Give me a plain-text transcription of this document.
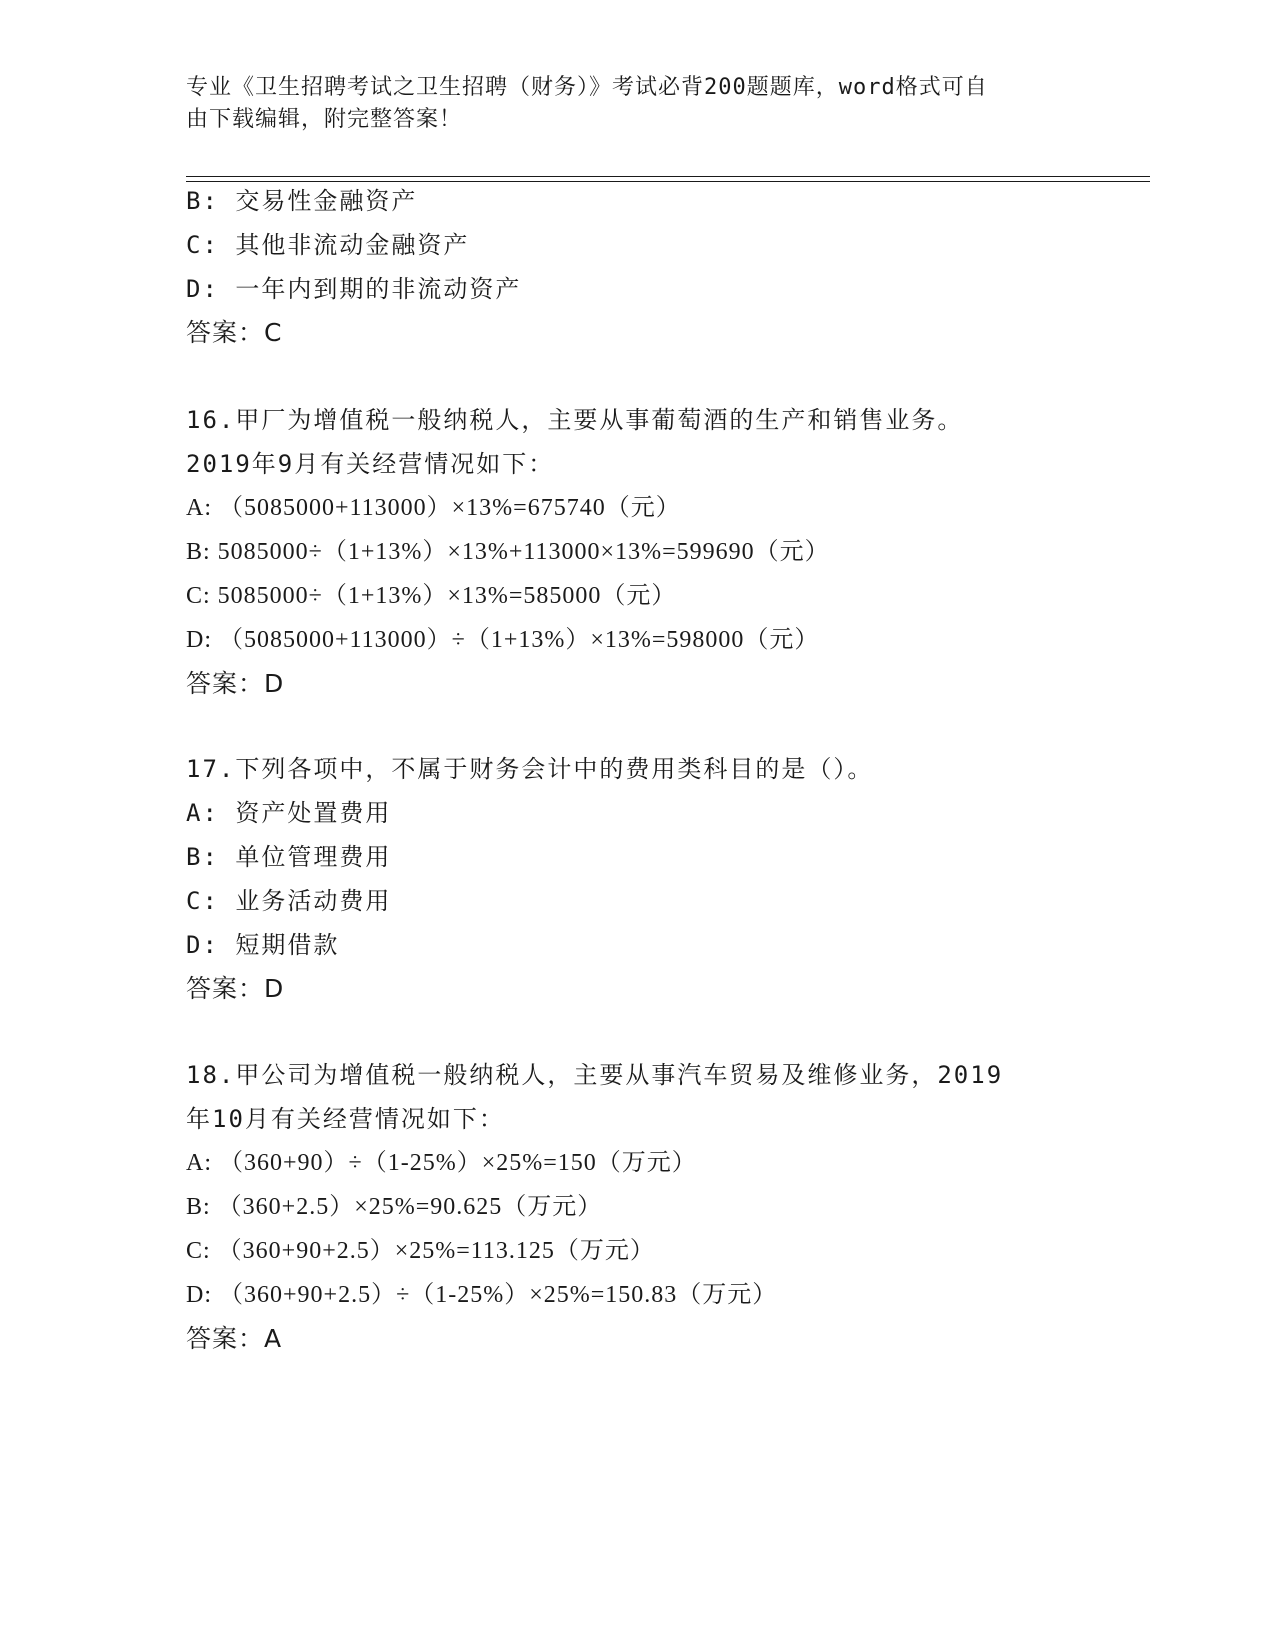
专业《卫生招聘考试之卫生招聘（财务）》考试必背200题题库，word格式可自
由下载编辑，附完整答案！
B: 交易性金融资产
C: 其他非流动金融资产
D: 一年内到期的非流动资产
答案：C
16.甲厂为增值税一般纳税人，主要从事葡萄酒的生产和销售业务。
2019年9月有关经营情况如下：
A: （5085000+113000）×13%=675740（元）
B: 5085000÷（1+13%）×13%+113000×13%=599690（元）
C: 5085000÷（1+13%）×13%=585000（元）
D: （5085000+113000）÷（1+13%）×13%=598000（元）
答案：D
17.下列各项中，不属于财务会计中的费用类科目的是（）。
A: 资产处置费用
B: 单位管理费用
C: 业务活动费用
D: 短期借款
答案：D
18.甲公司为增值税一般纳税人，主要从事汽车贸易及维修业务，2019
年10月有关经营情况如下：
A: （360+90）÷（1-25%）×25%=150（万元）
B: （360+2.5）×25%=90.625（万元）
C: （360+90+2.5）×25%=113.125（万元）
D: （360+90+2.5）÷（1-25%）×25%=150.83（万元）
答案：A
